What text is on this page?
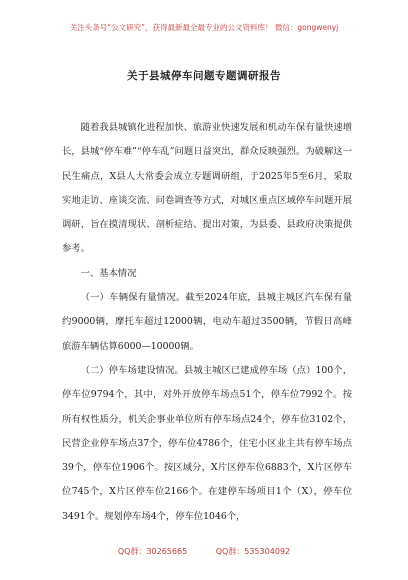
关注头条号“公文研究”，获得最新最全最专业的公文资料库！ 微信：gongwenyj
关于县城停车问题专题调研报告

随着我县城镇化进程加快、旅游业快速发展和机动车保有量快速增长，县城“停车难”“停车乱”问题日益突出，群众反映强烈。为破解这一民生痛点，X县人大常委会成立专题调研组，于2025年5至6月，采取实地走访、座谈交流、问卷调查等方式，对城区重点区域停车问题开展调研，旨在摸清现状、剖析症结、提出对策，为县委、县政府决策提供参考。

一、基本情况

（一）车辆保有量情况。截至2024年底，县城主城区汽车保有量约9000辆，摩托车超过12000辆，电动车超过3500辆，节假日高峰旅游车辆估算6000—10000辆。

（二）停车场建设情况。县城主城区已建成停车场（点）100个，停车位9794个，其中，对外开放停车场点51个，停车位7992个。按所有权性质分，机关企事业单位所有停车场点24个，停车位3102个，民营企业停车场点37个，停车位4786个，住宅小区业主共有停车场点39个，停车位1906个。按区域分，X片区停车位6883个，X片区停车位745个，X片区停车位2166个。在建停车场项目1个（X），停车位3491个。规划停车场4个，停车位1046个，

QQ群：30265665	QQ群：535304092
